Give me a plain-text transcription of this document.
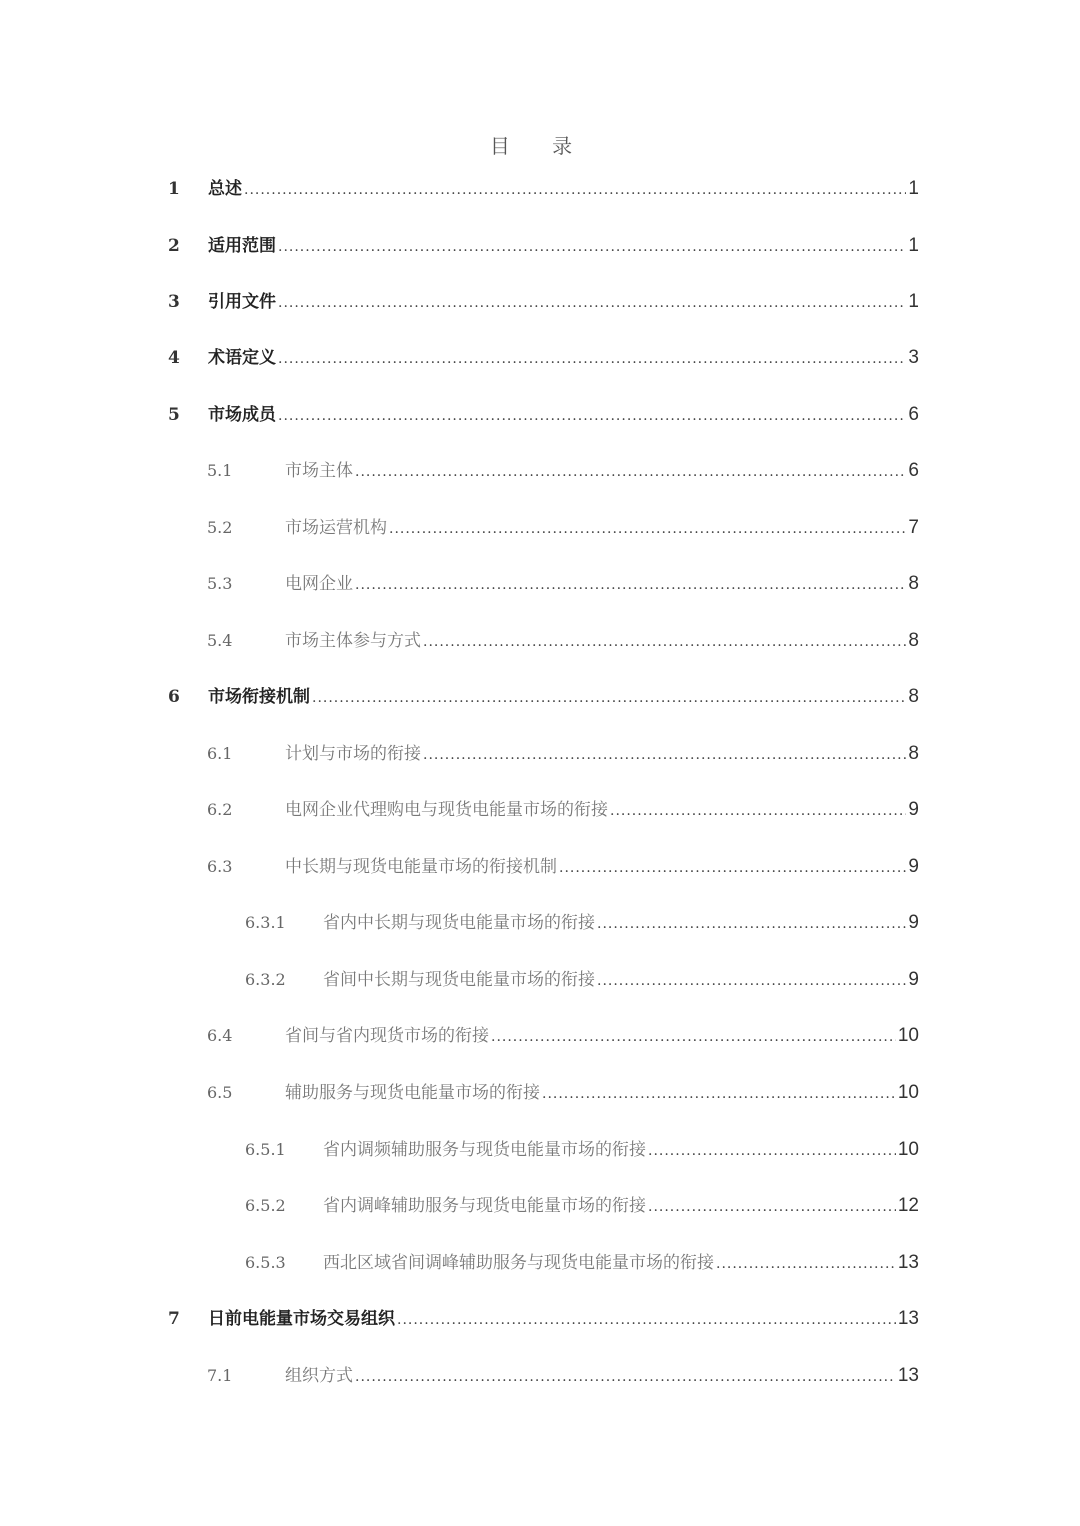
目 录
1	总述 .....	1
2	适用范围 .....	1
3	引用文件 .....	1
4	术语定义 .....	3
5	市场成员 .....	6
5.1	市场主体 .....	6
5.2	市场运营机构 .....	7
5.3	电网企业 .....	8
5.4	市场主体参与方式 .....	8
6	市场衔接机制 .....	8
6.1	计划与市场的衔接 .....	8
6.2	电网企业代理购电与现货电能量市场的衔接 .....	9
6.3	中长期与现货电能量市场的衔接机制 .....	9
6.3.1	省内中长期与现货电能量市场的衔接 .....	9
6.3.2	省间中长期与现货电能量市场的衔接 .....	9
6.4	省间与省内现货市场的衔接 .....	10
6.5	辅助服务与现货电能量市场的衔接 .....	10
6.5.1	省内调频辅助服务与现货电能量市场的衔接 .....	10
6.5.2	省内调峰辅助服务与现货电能量市场的衔接 .....	12
6.5.3	西北区域省间调峰辅助服务与现货电能量市场的衔接 .....	13
7	日前电能量市场交易组织 .....	13
7.1	组织方式 .....	13
